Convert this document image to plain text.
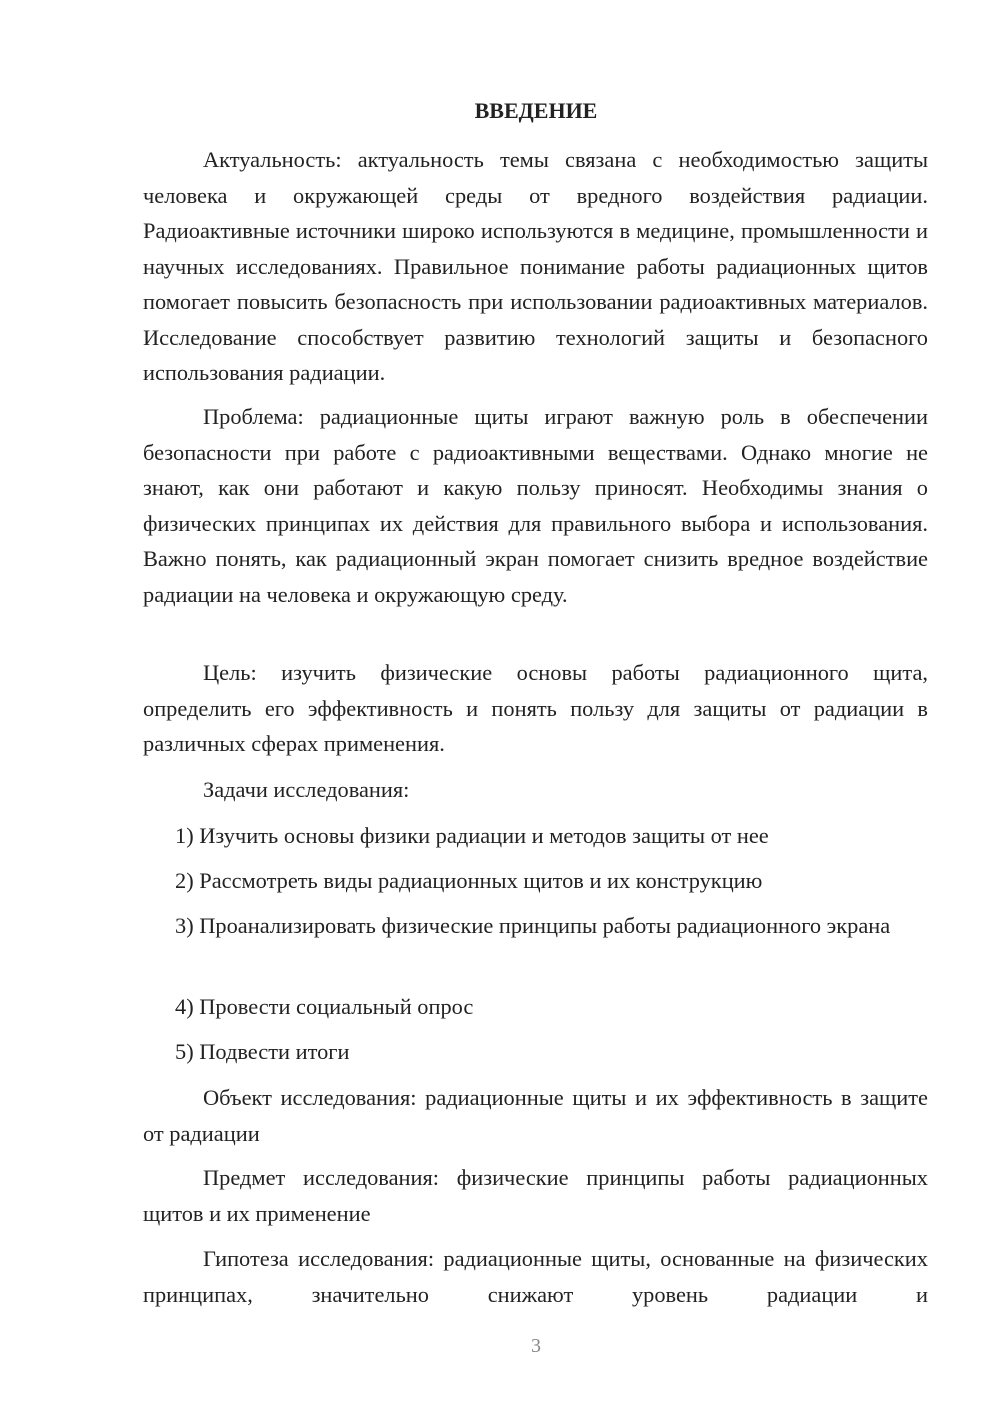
ВВЕДЕНИЕ

Актуальность: актуальность темы связана с необходимостью защиты человека и окружающей среды от вредного воздействия радиации. Радиоактивные источники широко используются в медицине, промышленности и научных исследованиях. Правильное понимание работы радиационных щитов помогает повысить безопасность при использовании радиоактивных материалов. Исследование способствует развитию технологий защиты и безопасного использования радиации.

Проблема: радиационные щиты играют важную роль в обеспечении безопасности при работе с радиоактивными веществами. Однако многие не знают, как они работают и какую пользу приносят. Необходимы знания о физических принципах их действия для правильного выбора и использования. Важно понять, как радиационный экран помогает снизить вредное воздействие радиации на человека и окружающую среду.

Цель: изучить физические основы работы радиационного щита, определить его эффективность и понять пользу для защиты от радиации в различных сферах применения.

Задачи исследования:

1) Изучить основы физики радиации и методов защиты от нее

2) Рассмотреть виды радиационных щитов и их конструкцию

3) Проанализировать физические принципы работы радиационного экрана

4) Провести социальный опрос

5) Подвести итоги

Объект исследования: радиационные щиты и их эффективность в защите от радиации

Предмет исследования: физические принципы работы радиационных щитов и их применение

Гипотеза исследования: радиационные щиты, основанные на физических принципах, значительно снижают уровень радиации и

3
